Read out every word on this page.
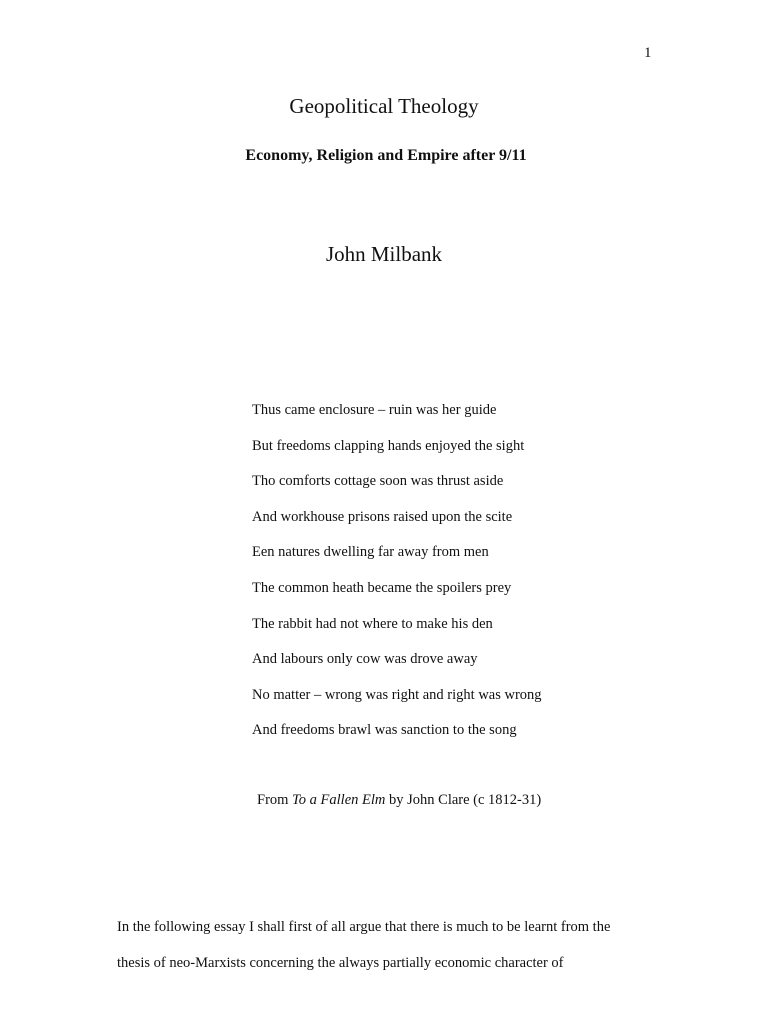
1
Geopolitical Theology
Economy, Religion and Empire after 9/11
John Milbank
Thus came enclosure – ruin was her guide
But freedoms clapping hands enjoyed the sight
Tho comforts cottage soon was thrust aside
And workhouse prisons raised upon the scite
Een natures dwelling far away from men
The common heath became the spoilers prey
The rabbit had not where to make his den
And labours only cow was drove away
No matter – wrong was right and right was wrong
And freedoms brawl was sanction to the song
From To a Fallen Elm by John Clare (c 1812-31)
In the following essay I shall first of all argue that there is much to be learnt from the
thesis of neo-Marxists concerning the always partially economic character of
